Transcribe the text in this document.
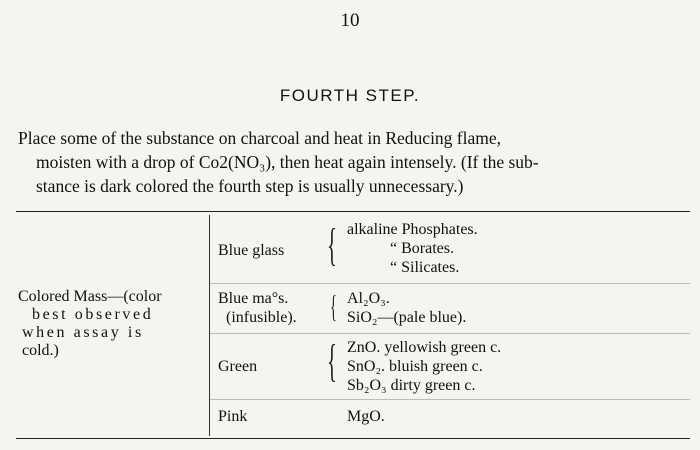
10
FOURTH STEP.
Place some of the substance on charcoal and heat in Reducing flame,
moisten with a drop of Co2(NO₃), then heat again intensely. (If the sub-
stance is dark colored the fourth step is usually unnecessary.)
Colored Mass—(color
best observed
when assay is
cold.)
Blue glass { alkaline Phosphates.
“ Borates.
“ Silicates.
Blue ma°s.
(infusible). { Al₂O₃.
SiO₂—(pale blue).
Green { ZnO. yellowish green c.
SnO₂. bluish green c.
Sb₂O₃ dirty green c.
Pink	MgO.
